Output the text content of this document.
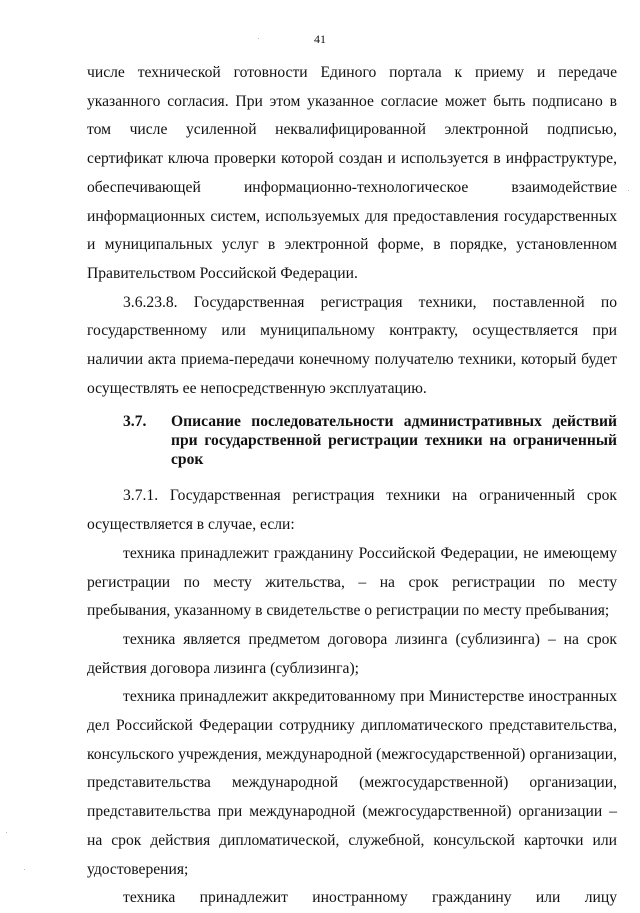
41

числе технической готовности Единого портала к приему и передаче указанного согласия. При этом указанное согласие может быть подписано в том числе усиленной неквалифицированной электронной подписью, сертификат ключа проверки которой создан и используется в инфраструктуре, обеспечивающей информационно-технологическое взаимодействие информационных систем, используемых для предоставления государственных и муниципальных услуг в электронной форме, в порядке, установленном Правительством Российской Федерации.

3.6.23.8. Государственная регистрация техники, поставленной по государственному или муниципальному контракту, осуществляется при наличии акта приема-передачи конечному получателю техники, который будет осуществлять ее непосредственную эксплуатацию.

3.7.	Описание последовательности административных действий при государственной регистрации техники на ограниченный срок

3.7.1. Государственная регистрация техники на ограниченный срок осуществляется в случае, если:

техника принадлежит гражданину Российской Федерации, не имеющему регистрации по месту жительства, – на срок регистрации по месту пребывания, указанному в свидетельстве о регистрации по месту пребывания;

техника является предметом договора лизинга (сублизинга) – на срок действия договора лизинга (сублизинга);

техника принадлежит аккредитованному при Министерстве иностранных дел Российской Федерации сотруднику дипломатического представительства, консульского учреждения, международной (межгосударственной) организации, представительства международной (межгосударственной) организации, представительства при международной (межгосударственной) организации – на срок действия дипломатической, служебной, консульской карточки или удостоверения;

техника принадлежит иностранному гражданину или лицу
